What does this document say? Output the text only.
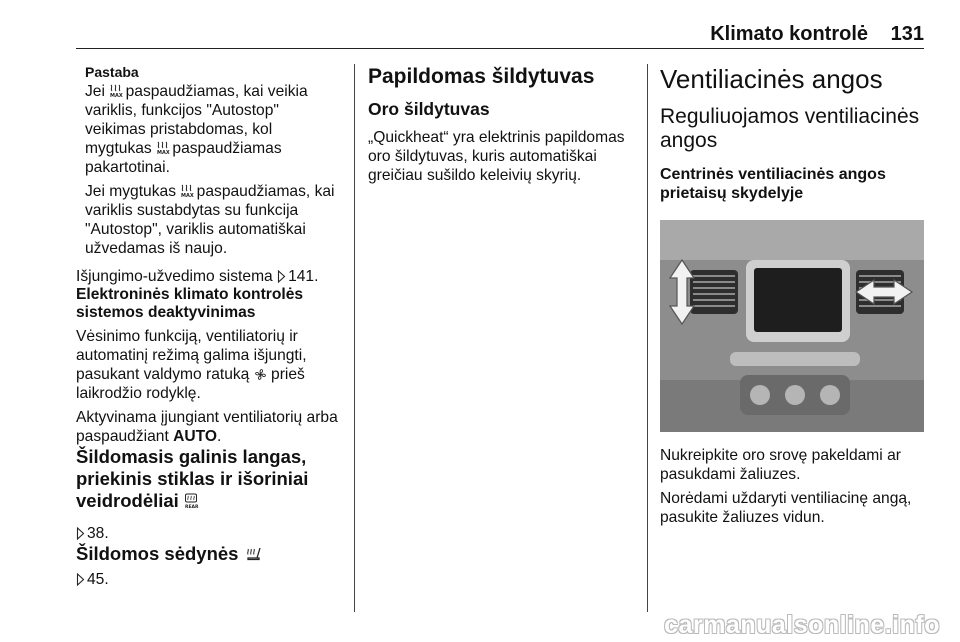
Klimato kontrolė 131
Pastaba

Jei MAX
paspaudžiamas, kai veikia variklis, funkcijos "Autostop" veikimas pristabdomas, kol mygtukas MAX
paspaudžiamas pakartotinai.

Jei mygtukas MAX
paspaudžiamas, kai variklis sustabdytas su funkcija "Autostop", variklis automatiškai užvedamas iš naujo.

Išjungimo-užvedimo sistema 141.

Elektroninės klimato kontrolės sistemos deaktyvinimas

Vėsinimo funkciją, ventiliatorių ir automatinį režimą galima išjungti, pasukant valdymo ratuką  prieš laikrodžio rodyklę.

Aktyvinama įjungiant ventiliatorių arba paspaudžiant AUTO.

Šildomasis galinis langas, priekinis stiklas ir išoriniai veidrodėliai REAR

38.

Šildomos sėdynės

45.

Papildomas šildytuvas
Oro šildytuvas

„Quickheat“ yra elektrinis papildomas oro šildytuvas, kuris automatiškai greičiau sušildo keleivių skyrių.

Ventiliacinės angos
Reguliuojamos ventiliacinės angos
Centrinės ventiliacinės angos prietaisų skydelyje

Nukreipkite oro srovę pakeldami ar pasukdami žaliuzes.

Norėdami uždaryti ventiliacinę angą, pasukite žaliuzes vidun.

carmanualsonline.info
